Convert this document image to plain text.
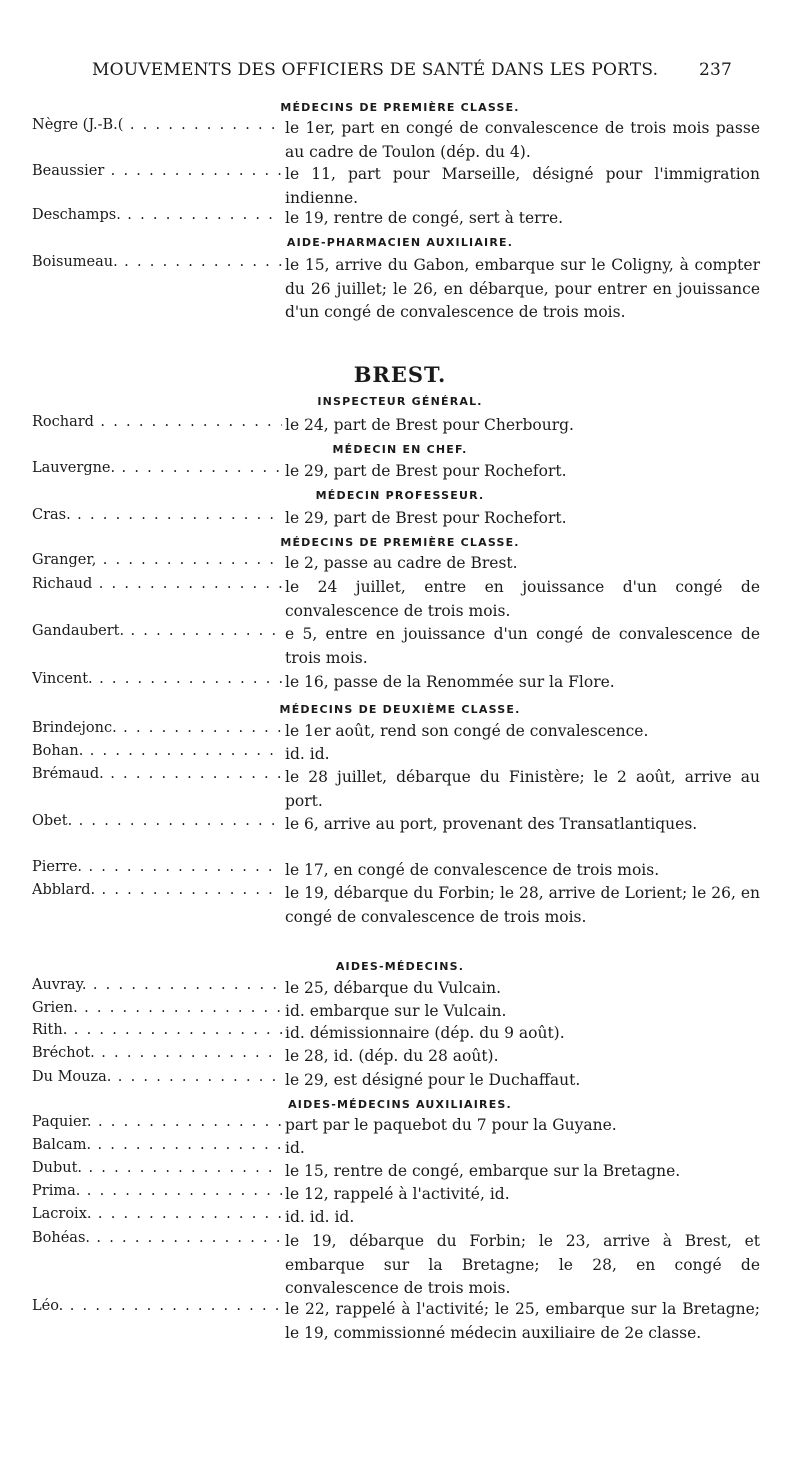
MOUVEMENTS DES OFFICIERS DE SANTÉ DANS LES PORTS. 237
MÉDECINS DE PREMIÈRE CLASSE.
Nègre (J.-B.( . . .	le 1er, part en congé de convalescence de trois mois passe au cadre de Toulon (dép. du 4).

Beaussier . . .	le 11, part pour Marseille, désigné pour l'immigration indienne.

Deschamps. . . .	le 19, rentre de congé, sert à terre.

AIDE-PHARMACIEN AUXILIAIRE.
Boisumeau. . . .	le 15, arrive du Gabon, embarque sur le Coligny, à compter du 26 juillet; le 26, en débarque, pour entrer en jouissance d'un congé de convalescence de trois mois.

BREST.
INSPECTEUR GÉNÉRAL.
Rochard . . .	le 24, part de Brest pour Cherbourg.

MÉDECIN EN CHEF.
Lauvergne. . . .	le 29, part de Brest pour Rochefort.

MÉDECIN PROFESSEUR.
Cras. . . .	le 29, part de Brest pour Rochefort.

MÉDECINS DE PREMIÈRE CLASSE.
Granger, . . .	le 2, passe au cadre de Brest.

Richaud . . .	le 24 juillet, entre en jouissance d'un congé de convalescence de trois mois.

Gandaubert. . . .	e 5, entre en jouissance d'un congé de convalescence de trois mois.

Vincent. . . .	le 16, passe de la Renommée sur la Flore.

MÉDECINS DE DEUXIÈME CLASSE.
Brindejonc. . . .	le 1er août, rend son congé de convalescence.

Bohan. . . .	id. id.

Brémaud. . . .	le 28 juillet, débarque du Finistère; le 2 août, arrive au port.

Obet. . . .	le 6, arrive au port, provenant des Transatlantiques.

Pierre. . . .	le 17, en congé de convalescence de trois mois.

Abblard. . . .	le 19, débarque du Forbin; le 28, arrive de Lorient; le 26, en congé de convalescence de trois mois.

AIDES-MÉDECINS.
Auvray. . . .	le 25, débarque du Vulcain.

Grien. . . .	id. embarque sur le Vulcain.

Rith. . . .	id. démissionnaire (dép. du 9 août).

Bréchot. . . .	le 28, id. (dép. du 28 août).

Du Mouza. . . .	le 29, est désigné pour le Duchaffaut.

AIDES-MÉDECINS AUXILIAIRES.
Paquier. . . .	part par le paquebot du 7 pour la Guyane.

Balcam. . . .	id.

Dubut. . . .	le 15, rentre de congé, embarque sur la Bretagne.

Prima. . . .	le 12, rappelé à l'activité, id.

Lacroix. . . .	id. id. id.

Bohéas. . . .	le 19, débarque du Forbin; le 23, arrive à Brest, et embarque sur la Bretagne; le 28, en congé de convalescence de trois mois.

Léo. . . .	le 22, rappelé à l'activité; le 25, embarque sur la Bretagne; le 19, commissionné médecin auxiliaire de 2e classe.
